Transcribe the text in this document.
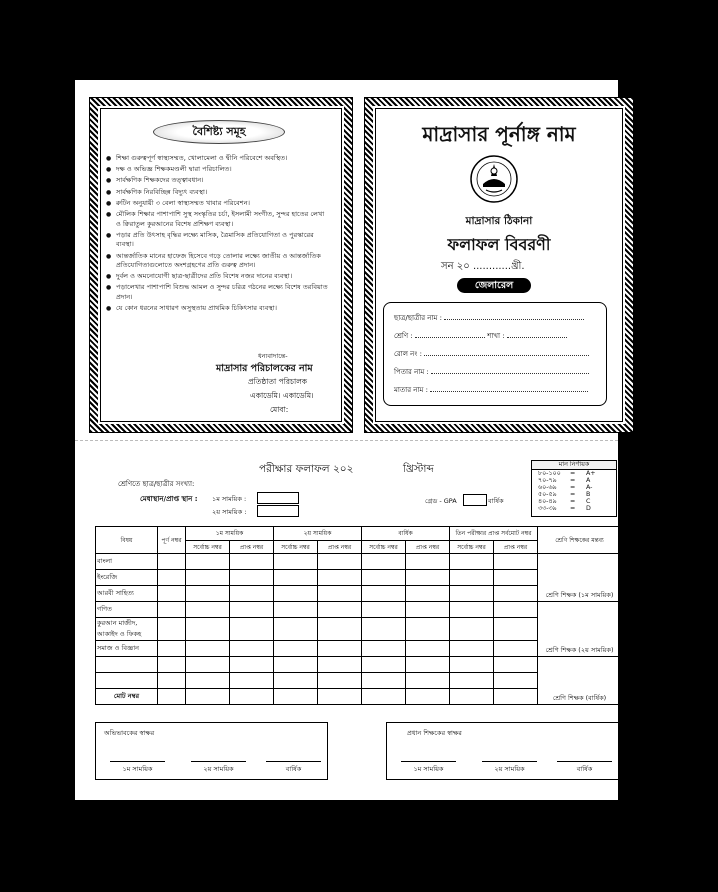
বৈশিষ্ট্য সমূহ
● শিক্ষা গুরুত্বপূর্ণ স্বাস্থ্যসম্মত, খোলামেলা ও দ্বীনি পরিবেশে অবস্থিত।
● দক্ষ ও অভিজ্ঞ শিক্ষকমণ্ডলী দ্বারা পরিচালিত।
● সার্বক্ষণিক শিক্ষকদের তত্ত্বাবধান।
● সার্বক্ষণিক নিরবিচ্ছিন্ন বিদ্যুৎ ব্যবস্থা।
● রুটিন অনুযায়ী ৩ বেলা স্বাস্থ্যসম্মত খাবার পরিবেশন।
● মৌলিক শিক্ষার পাশাপাশি সুস্থ সংস্কৃতির চর্চা, ইসলামী সংগীত, সুন্দর হাতের লেখা ও ক্বিরাতুল কুরআনের বিশেষ প্রশিক্ষণ ব্যবস্থা।
● পড়ার প্রতি উৎসাহ বৃদ্ধির লক্ষ্যে মাসিক, ত্রৈমাসিক প্রতিযোগিতা ও পুরস্কারের ব্যবস্থা।
● আন্তর্জাতিক মানের হাফেজ হিসেবে গড়ে তোলার লক্ষ্যে জাতীয় ও আন্তর্জাতিক প্রতিযোগিতাগুলোতে অংশগ্রহণের প্রতি গুরুত্ব প্রদান।
● দুর্বল ও অমনোযোগী ছাত্র-ছাত্রীদের প্রতি বিশেষ নজর দানের ব্যবস্থা।
● পড়ালেখার পাশাপাশি বিশুদ্ধ আমল ও সুন্দর চরিত্র গঠনের লক্ষ্যে বিশেষ তরবিয়াত প্রদান।
● যে কোন ধরনের সাধারণ অসুস্থতায় প্রাথমিক চিকিৎসার ব্যবস্থা।
ধন্যবাদান্তে-
মাদ্রাসার পরিচালকের নাম
প্রতিষ্ঠাতা পরিচালক
একাডেমি। একাডেমি।
মোবা:
মাদ্রাসার পূর্নাঙ্গ নাম
মাদ্রাসার ঠিকানা
ফলাফল বিবরণী
সন ২০ ............খ্রী.
জেলারেল
ছাত্র/ছাত্রীর নাম :
শ্রেণি :	শাখা :
রোল নং :
পিতার নাম :
মাতার নাম :
পরীক্ষার ফলাফল ২০২	খ্রিস্টাব্দ
শ্রেণিতে ছাত্র/ছাত্রীর সংখ্যা:
মেধাস্থান/প্রাপ্ত স্থান : ১ম সাময়িক :
২য় সাময়িক :
গ্রেড - GPA	বার্ষিক
মান নির্ণায়ক
৮০-১০০	=	A+
৭০-৭৯	=	A
৬০-৬৯	=	A-
৫০-৫৯	=	B
৪০-৪৯	=	C
৩৩-৩৯	=	D
বিষয়	পূর্ণ নম্বর	১ম সাময়িক		২য় সাময়িক		বার্ষিক		তিন পরীক্ষার প্রাপ্ত সর্বমোট নম্বর		শ্রেণি শিক্ষকের মন্তব্য
		সর্বোচ্চ নম্বর	প্রাপ্ত নম্বর	সর্বোচ্চ নম্বর	প্রাপ্ত নম্বর	সর্বোচ্চ নম্বর	প্রাপ্ত নম্বর	সর্বোচ্চ নম্বর	প্রাপ্ত নম্বর	
বাংলা										
ইংরেজি										
আরবী সাহিত্য										শ্রেণি শিক্ষক (১ম সাময়িক)
গণিত										
কুরআন মাজীদ, আকাইদ ও ফিকহ										
সমাজ ও বিজ্ঞান										শ্রেণি শিক্ষক (২য় সাময়িক)

মোট নম্বর										শ্রেণি শিক্ষক (বার্ষিক)
অভিভাবকের স্বাক্ষর
১ম সাময়িক	২য় সাময়িক	বার্ষিক
প্রধান শিক্ষকের স্বাক্ষর
১ম সাময়িক	২য় সাময়িক	বার্ষিক
